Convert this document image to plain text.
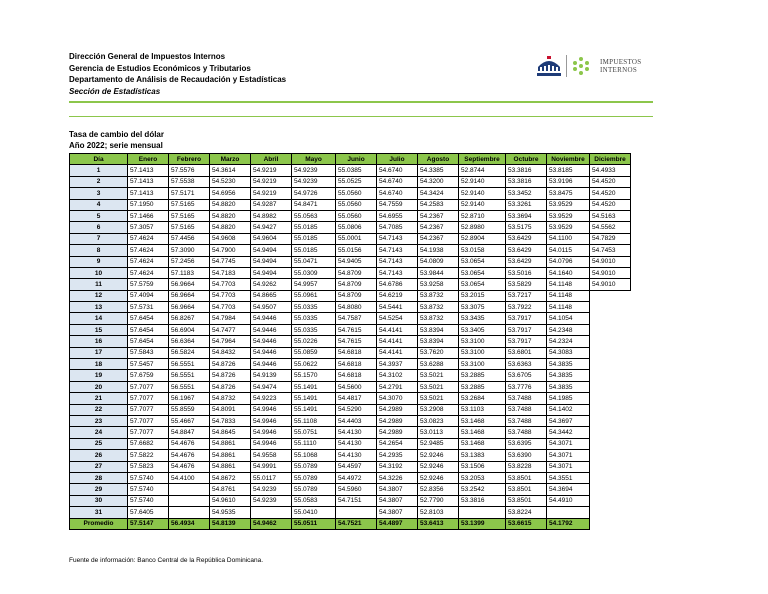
Dirección General de Impuestos Internos
Gerencia de Estudios Económicos y Tributarios
Departamento de Análisis de Recaudación y Estadísticas
Sección de Estadísticas
IMPUESTOS
INTERNOS
Tasa de cambio del dólar
Año 2022; serie mensual
Día	Enero	Febrero	Marzo	Abril	Mayo	Junio	Julio	Agosto	Septiembre	Octubre	Noviembre	Diciembre
1	57.1413	57.5576	54.3614	54.9219	54.9239	55.0385	54.6740	54.3385	52.8744	53.3816	53.8185	54.4933
2	57.1413	57.5538	54.5230	54.9219	54.9239	55.0525	54.6740	54.3200	52.9140	53.3816	53.9196	54.4520
3	57.1413	57.5171	54.6956	54.9219	54.9726	55.0560	54.6740	54.3424	52.9140	53.3452	53.8475	54.4520
4	57.1950	57.5165	54.8820	54.9287	54.8471	55.0560	54.7559	54.2583	52.9140	53.3261	53.9529	54.4520
5	57.1466	57.5165	54.8820	54.8982	55.0563	55.0560	54.6955	54.2367	52.8710	53.3694	53.9529	54.5163
6	57.3057	57.5165	54.8820	54.9427	55.0185	55.0806	54.7085	54.2367	52.8980	53.5175	53.9529	54.5562
7	57.4624	57.4456	54.9608	54.9604	55.0185	55.0001	54.7143	54.2367	52.8904	53.6429	54.1100	54.7829
8	57.4624	57.3090	54.7900	54.9494	55.0185	55.0156	54.7143	54.1938	53.0158	53.6429	54.0115	54.7453
9	57.4624	57.2456	54.7745	54.9494	55.0471	54.9405	54.7143	54.0809	53.0654	53.6429	54.0796	54.9010
10	57.4624	57.1183	54.7183	54.9494	55.0309	54.8709	54.7143	53.9844	53.0654	53.5016	54.1640	54.9010
11	57.5759	56.9664	54.7703	54.9262	54.9957	54.8709	54.6786	53.9258	53.0654	53.5829	54.1148	54.9010
12	57.4094	56.9664	54.7703	54.8665	55.0961	54.8709	54.6219	53.8732	53.2015	53.7217	54.1148	
13	57.5731	56.9664	54.7703	54.9507	55.0335	54.8080	54.5441	53.8732	53.3075	53.7922	54.1148	
14	57.6454	56.8267	54.7984	54.9446	55.0335	54.7587	54.5254	53.8732	53.3435	53.7917	54.1054	
15	57.6454	56.6904	54.7477	54.9446	55.0335	54.7615	54.4141	53.8394	53.3405	53.7917	54.2348	
16	57.6454	56.6364	54.7964	54.9446	55.0226	54.7615	54.4141	53.8394	53.3100	53.7917	54.2324	
17	57.5843	56.5824	54.8432	54.9446	55.0859	54.6818	54.4141	53.7620	53.3100	53.6801	54.3083	
18	57.5457	56.5551	54.8726	54.9446	55.0622	54.6818	54.3937	53.6288	53.3100	53.6363	54.3835	
19	57.6759	56.5551	54.8726	54.9139	55.1570	54.6818	54.3102	53.5021	53.2885	53.6705	54.3835	
20	57.7077	56.5551	54.8726	54.9474	55.1491	54.5600	54.2791	53.5021	53.2885	53.7776	54.3835	
21	57.7077	56.1967	54.8732	54.9223	55.1491	54.4817	54.3070	53.5021	53.2684	53.7488	54.1985	
22	57.7077	55.8559	54.8091	54.9946	55.1491	54.5290	54.2989	53.2908	53.1103	53.7488	54.1402	
23	57.7077	55.4667	54.7833	54.9946	55.1108	54.4403	54.2989	53.0823	53.1468	53.7488	54.3697	
24	57.7077	54.8847	54.8645	54.9946	55.0751	54.4130	54.2989	53.0113	53.1468	53.7488	54.3442	
25	57.6682	54.4676	54.8861	54.9946	55.1110	54.4130	54.2654	52.9485	53.1468	53.6395	54.3071	
26	57.5822	54.4676	54.8861	54.9558	55.1068	54.4130	54.2935	52.9246	53.1383	53.6390	54.3071	
27	57.5823	54.4676	54.8861	54.9991	55.0789	54.4597	54.3192	52.9246	53.1506	53.8228	54.3071	
28	57.5740	54.4100	54.8672	55.0117	55.0789	54.4972	54.3226	52.9246	53.2053	53.8501	54.3551	
29	57.5740		54.8761	54.9239	55.0789	54.5960	54.3807	52.8356	53.2542	53.8501	54.3694	
30	57.5740		54.9610	54.9239	55.0583	54.7151	54.3807	52.7790	53.3816	53.8501	54.4910	
31	57.6405		54.9535		55.0410		54.3807	52.8103		53.8224		
Promedio	57.5147	56.4934	54.8139	54.9462	55.0511	54.7521	54.4897	53.6413	53.1399	53.6615	54.1792	
Fuente de información: Banco Central de la República Dominicana.
